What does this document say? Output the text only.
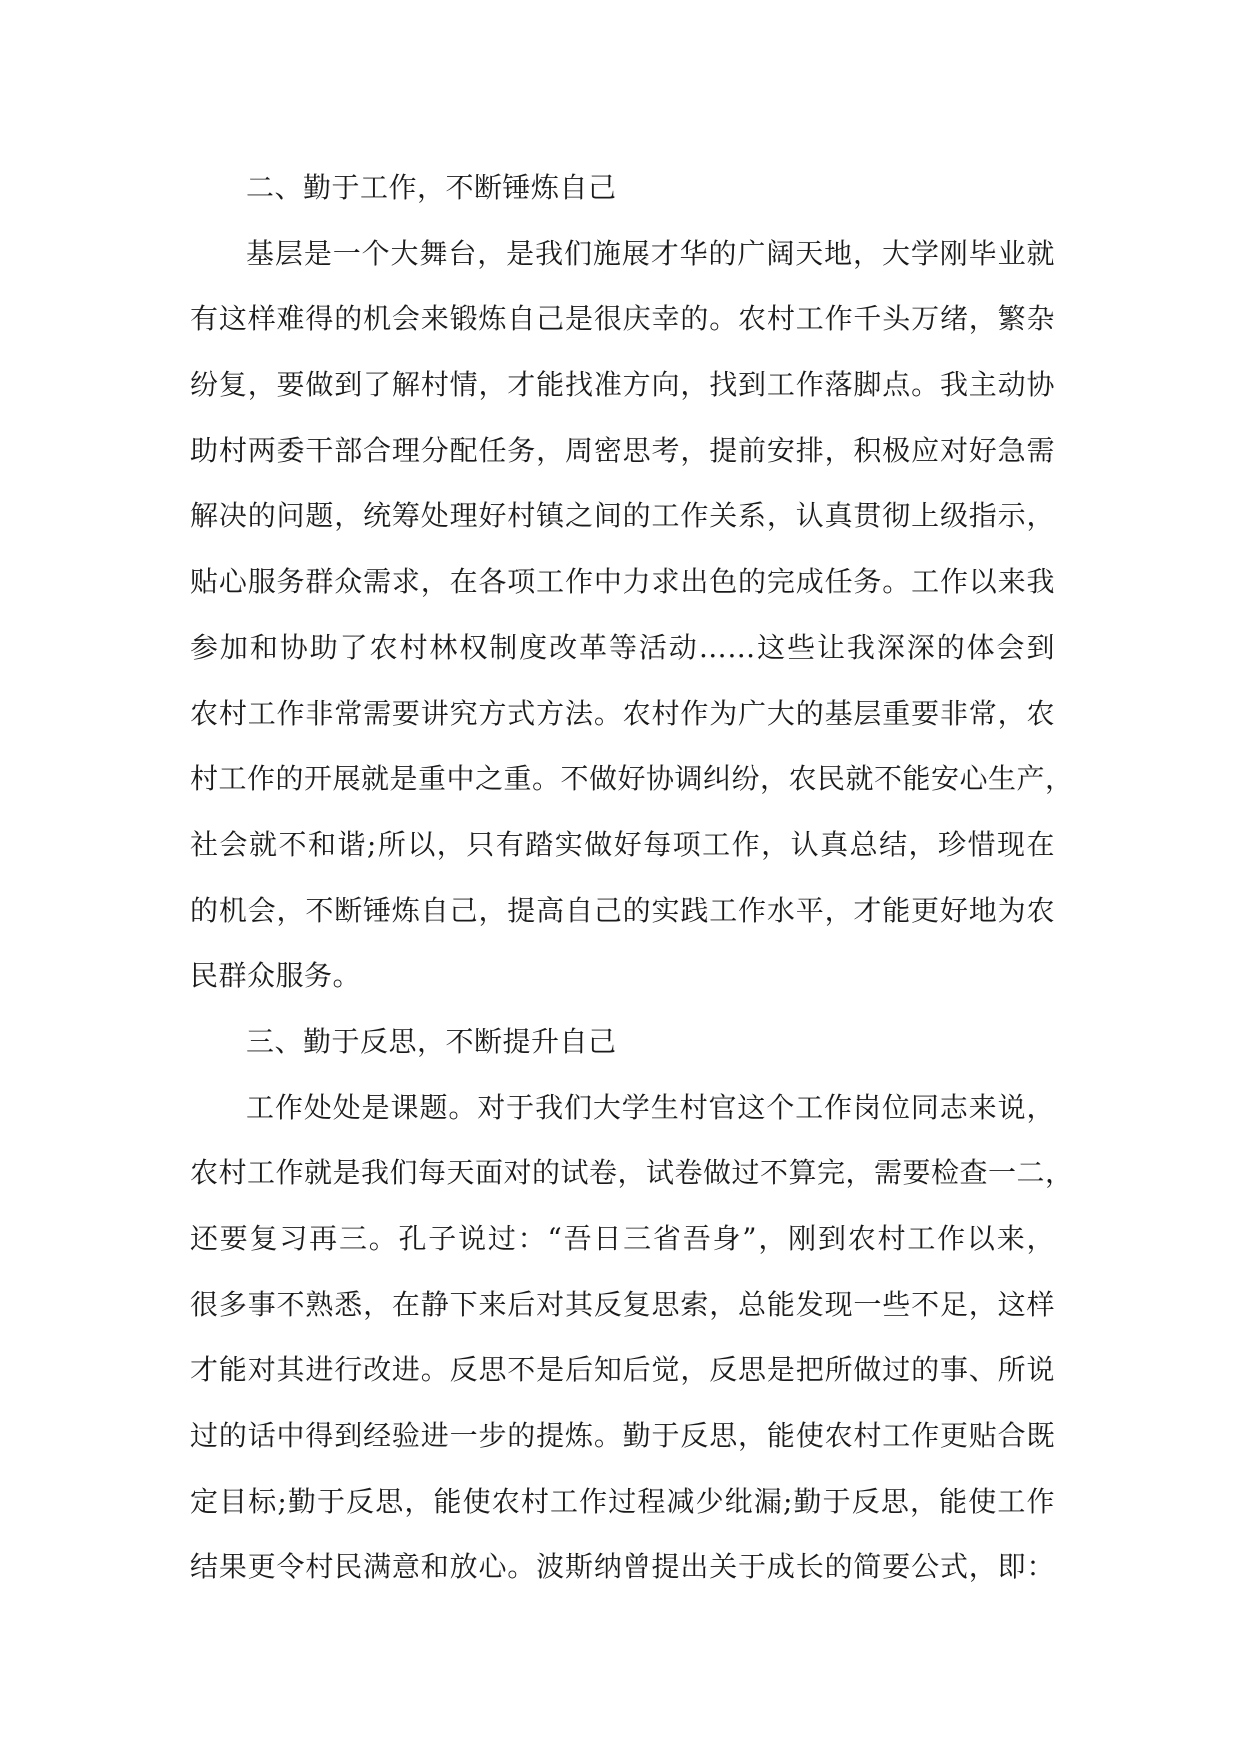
二、勤于工作，不断锤炼自己
基层是一个大舞台，是我们施展才华的广阔天地，大学刚毕业就
有这样难得的机会来锻炼自己是很庆幸的。农村工作千头万绪，繁杂
纷复，要做到了解村情，才能找准方向，找到工作落脚点。我主动协
助村两委干部合理分配任务，周密思考，提前安排，积极应对好急需
解决的问题，统筹处理好村镇之间的工作关系，认真贯彻上级指示，
贴心服务群众需求，在各项工作中力求出色的完成任务。工作以来我
参加和协助了农村林权制度改革等活动……这些让我深深的体会到
农村工作非常需要讲究方式方法。农村作为广大的基层重要非常，农
村工作的开展就是重中之重。不做好协调纠纷，农民就不能安心生产，
社会就不和谐;所以，只有踏实做好每项工作，认真总结，珍惜现在
的机会，不断锤炼自己，提高自己的实践工作水平，才能更好地为农
民群众服务。
三、勤于反思，不断提升自己
工作处处是课题。对于我们大学生村官这个工作岗位同志来说，
农村工作就是我们每天面对的试卷，试卷做过不算完，需要检查一二，
还要复习再三。孔子说过：“吾日三省吾身”，刚到农村工作以来，
很多事不熟悉，在静下来后对其反复思索，总能发现一些不足，这样
才能对其进行改进。反思不是后知后觉，反思是把所做过的事、所说
过的话中得到经验进一步的提炼。勤于反思，能使农村工作更贴合既
定目标;勤于反思，能使农村工作过程减少纰漏;勤于反思，能使工作
结果更令村民满意和放心。波斯纳曾提出关于成长的简要公式，即：
